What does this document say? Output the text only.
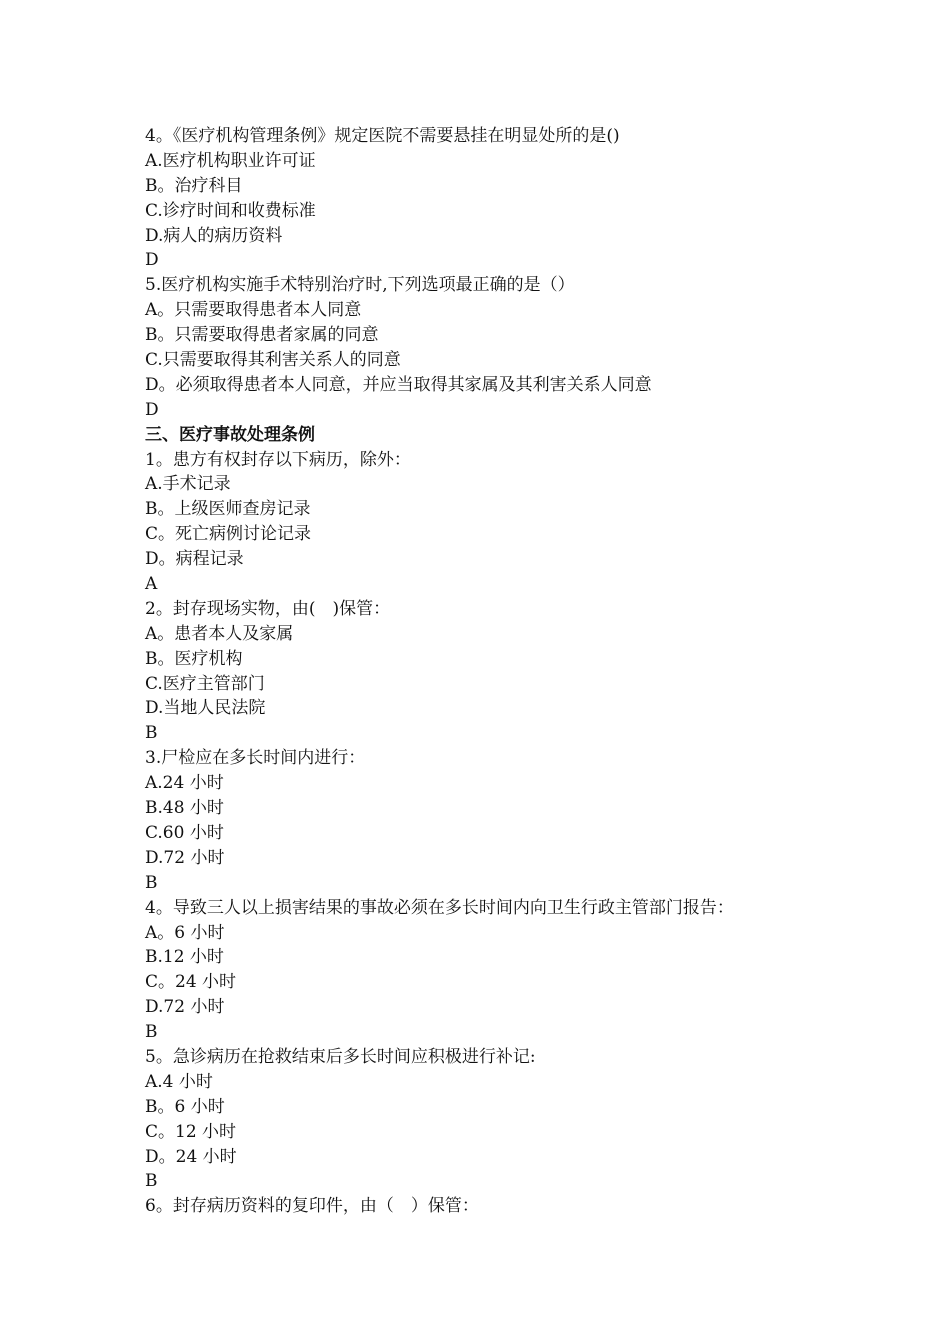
4。《医疗机构管理条例》规定医院不需要悬挂在明显处所的是()
A.医疗机构职业许可证
B。治疗科目
C.诊疗时间和收费标准
D.病人的病历资料
D
5.医疗机构实施手术特别治疗时,下列选项最正确的是（）
A。只需要取得患者本人同意
B。只需要取得患者家属的同意
C.只需要取得其利害关系人的同意
D。必须取得患者本人同意，并应当取得其家属及其利害关系人同意
D
三、医疗事故处理条例
1。患方有权封存以下病历，除外：
A.手术记录
B。上级医师查房记录
C。死亡病例讨论记录
D。病程记录
A
2。封存现场实物，由(　)保管：
A。患者本人及家属
B。医疗机构
C.医疗主管部门
D.当地人民法院
B
3.尸检应在多长时间内进行：
A.24 小时
B.48 小时
C.60 小时
D.72 小时
B
4。导致三人以上损害结果的事故必须在多长时间内向卫生行政主管部门报告：
A。6 小时
B.12 小时
C。24 小时
D.72 小时
B
5。急诊病历在抢救结束后多长时间应积极进行补记:
A.4 小时
B。6 小时
C。12 小时
D。24 小时
B
6。封存病历资料的复印件，由（　）保管：
